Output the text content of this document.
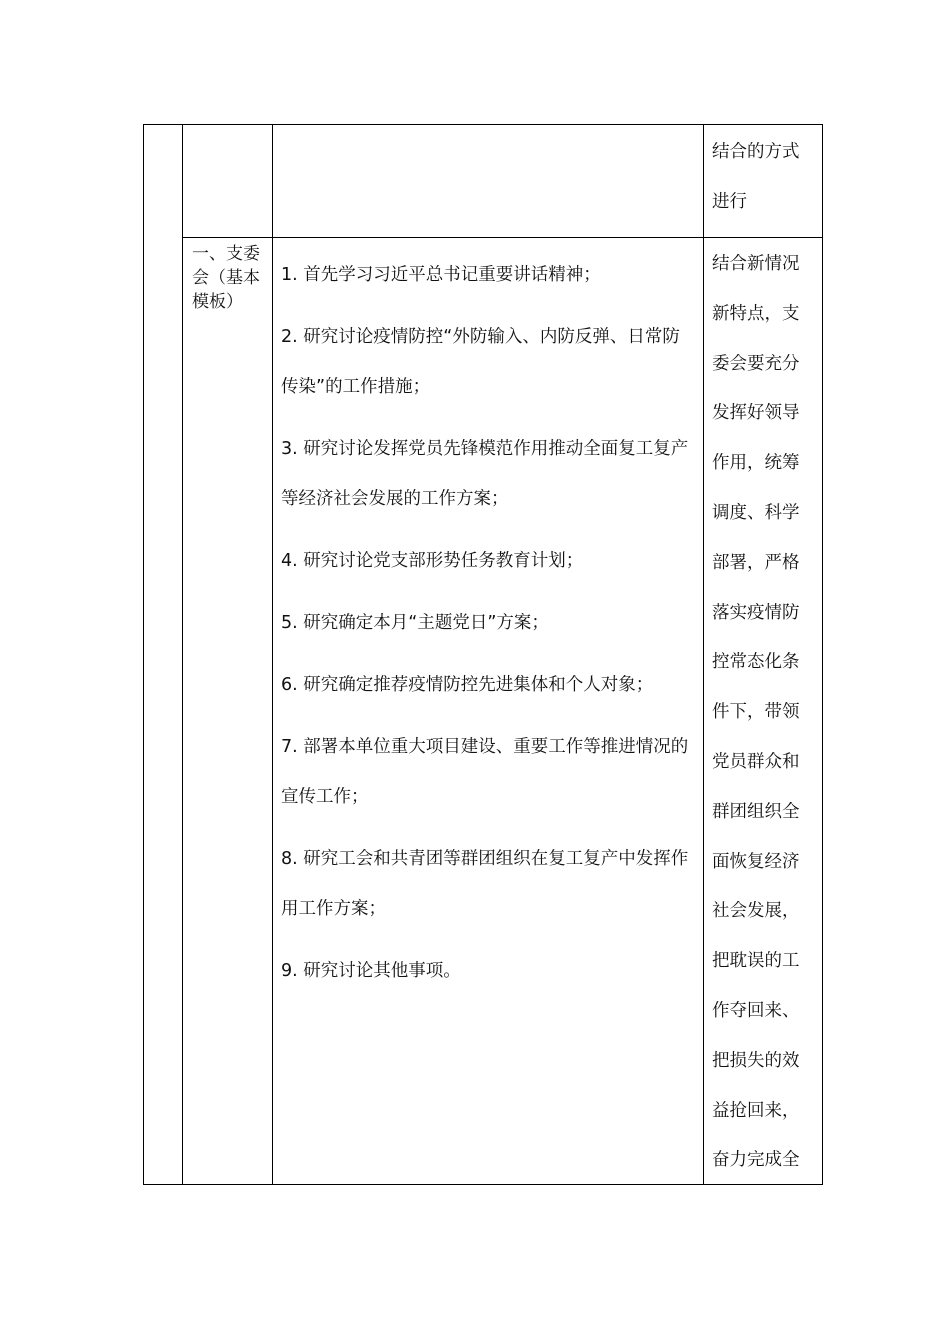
结合的方式

进行

一、支委会（基本模板）
1. 首先学习习近平总书记重要讲话精神；
2. 研究讨论疫情防控“外防输入、内防反弹、日常防传染”的工作措施；
3. 研究讨论发挥党员先锋模范作用推动全面复工复产等经济社会发展的工作方案；
4. 研究讨论党支部形势任务教育计划；
5. 研究确定本月“主题党日”方案；
6. 研究确定推荐疫情防控先进集体和个人对象；
7. 部署本单位重大项目建设、重要工作等推进情况的宣传工作；
8. 研究工会和共青团等群团组织在复工复产中发挥作用工作方案；
9. 研究讨论其他事项。

结合新情况

新特点，支

委会要充分

发挥好领导

作用，统筹

调度、科学

部署，严格

落实疫情防

控常态化条

件下，带领

党员群众和

群团组织全

面恢复经济

社会发展，

把耽误的工

作夺回来、

把损失的效

益抢回来，

奋力完成全
